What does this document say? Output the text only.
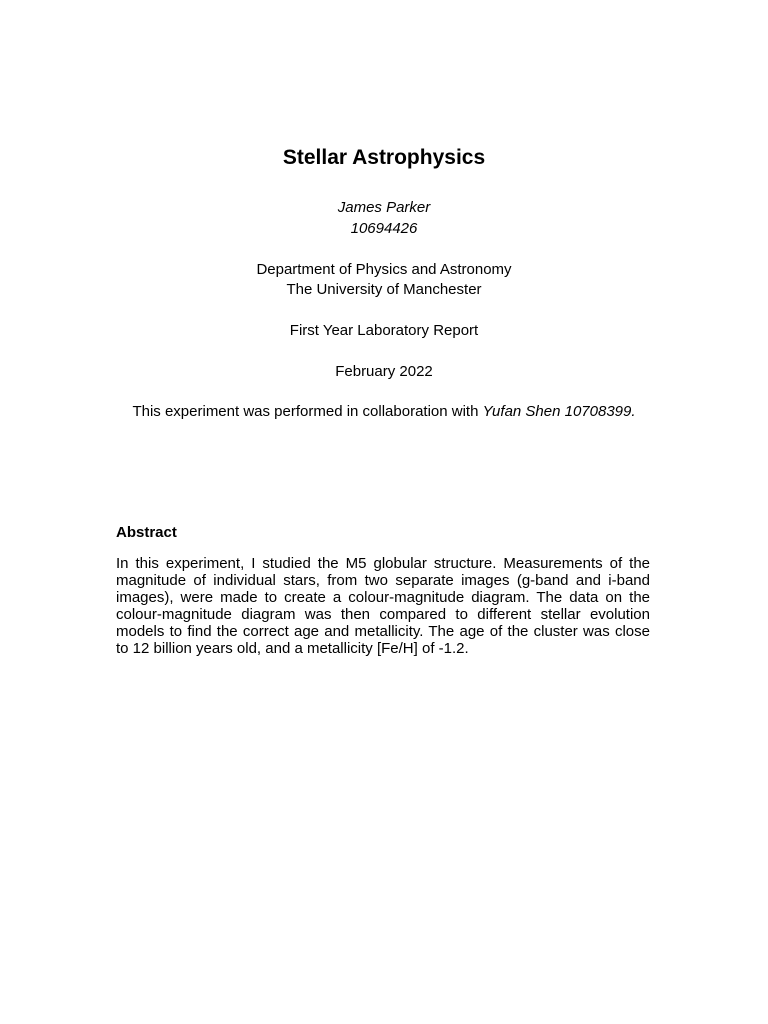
Stellar Astrophysics
James Parker
10694426
Department of Physics and Astronomy
The University of Manchester
First Year Laboratory Report
February 2022
This experiment was performed in collaboration with Yufan Shen 10708399.
Abstract
In this experiment, I studied the M5 globular structure. Measurements of the magnitude of individual stars, from two separate images (g-band and i-band images), were made to create a colour-magnitude diagram. The data on the colour-magnitude diagram was then compared to different stellar evolution models to find the correct age and metallicity. The age of the cluster was close to 12 billion years old, and a metallicity [Fe/H] of -1.2.
